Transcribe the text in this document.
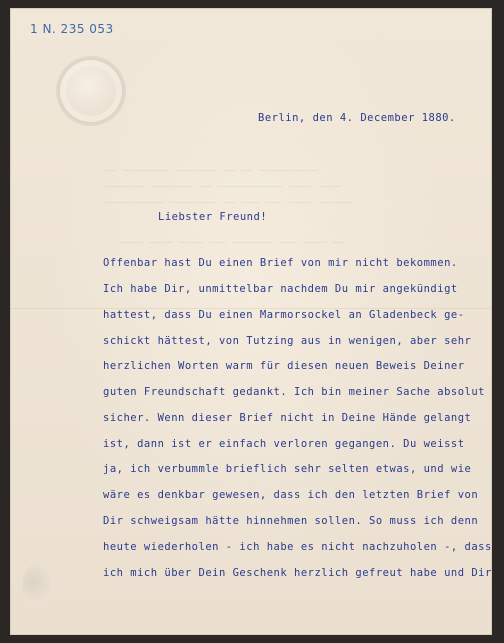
1 N. 235 053
—— ———————— ——————— —— —— ——————————
——————— ——————— —— ——————————— ———— ————
—————————— ———————— —— ——— ——— ———— ——————
———— ———— ———— ——— ——————— ——— ———— ——
Berlin, den 4. December 1880.
Liebster Freund!
Offenbar hast Du einen Brief von mir nicht bekommen.
Ich habe Dir, unmittelbar nachdem Du mir angekündigt
hattest, dass Du einen Marmorsockel an Gladenbeck ge-
schickt hättest, von Tutzing aus in wenigen, aber sehr
herzlichen Worten warm für diesen neuen Beweis Deiner
guten Freundschaft gedankt. Ich bin meiner Sache absolut
sicher. Wenn dieser Brief nicht in Deine Hände gelangt
ist, dann ist er einfach verloren gegangen. Du weisst
ja, ich verbummle brieflich sehr selten etwas, und wie
wäre es denkbar gewesen, dass ich den letzten Brief von
Dir schweigsam hätte hinnehmen sollen. So muss ich denn
heute wiederholen - ich habe es nicht nachzuholen -, dass
ich mich über Dein Geschenk herzlich gefreut habe und Dir
